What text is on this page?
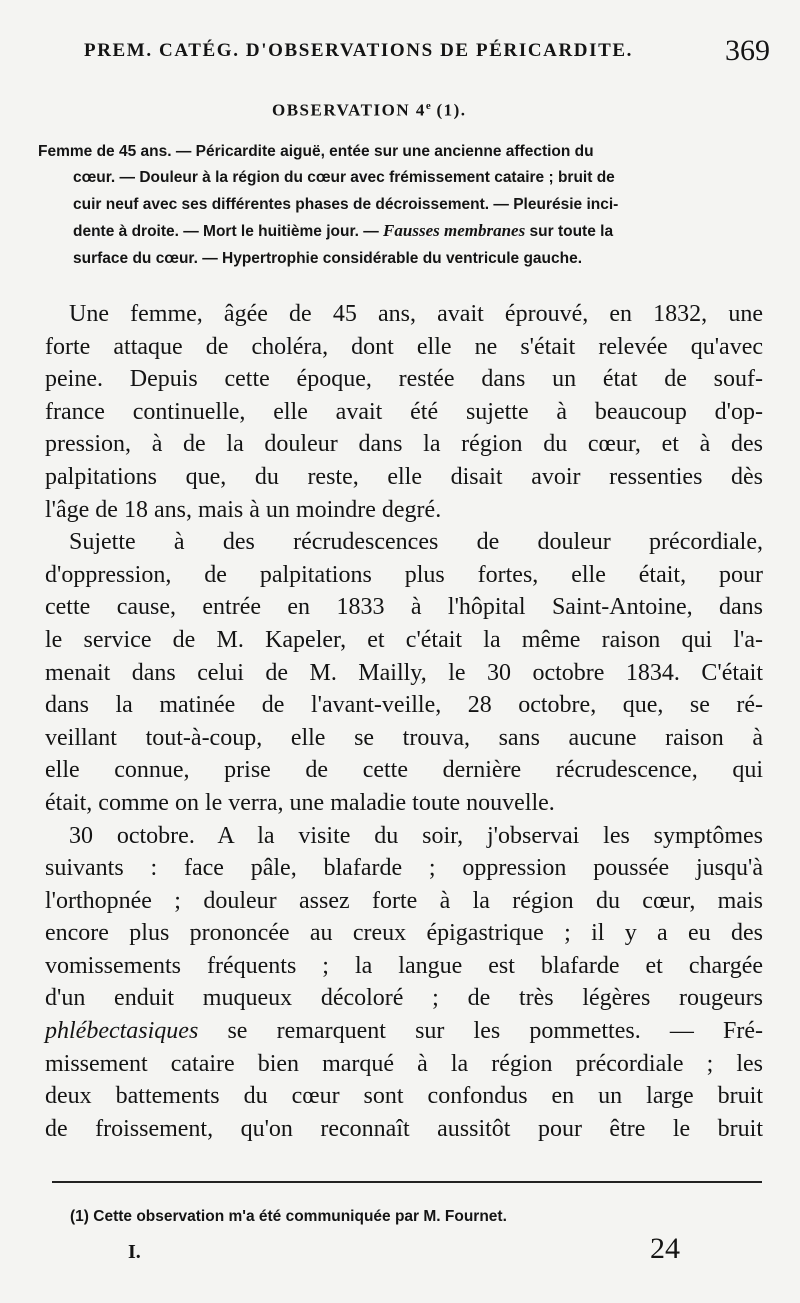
PREM. CATÉG. D'OBSERVATIONS DE PÉRICARDITE.	369
OBSERVATION 4e (1).
Femme de 45 ans. — Péricardite aiguë, entée sur une ancienne affection du
cœur. — Douleur à la région du cœur avec frémissement cataire ; bruit de
cuir neuf avec ses différentes phases de décroissement. — Pleurésie inci-
dente à droite. — Mort le huitième jour. — Fausses membranes sur toute la
surface du cœur. — Hypertrophie considérable du ventricule gauche.

Une femme, âgée de 45 ans, avait éprouvé, en 1832, une
forte attaque de choléra, dont elle ne s'était relevée qu'avec
peine. Depuis cette époque, restée dans un état de souf-
france continuelle, elle avait été sujette à beaucoup d'op-
pression, à de la douleur dans la région du cœur, et à des
palpitations que, du reste, elle disait avoir ressenties dès
l'âge de 18 ans, mais à un moindre degré.

Sujette à des récrudescences de douleur précordiale,
d'oppression, de palpitations plus fortes, elle était, pour
cette cause, entrée en 1833 à l'hôpital Saint-Antoine, dans
le service de M. Kapeler, et c'était la même raison qui l'a-
menait dans celui de M. Mailly, le 30 octobre 1834. C'était
dans la matinée de l'avant-veille, 28 octobre, que, se ré-
veillant tout-à-coup, elle se trouva, sans aucune raison à
elle connue, prise de cette dernière récrudescence, qui
était, comme on le verra, une maladie toute nouvelle.

30 octobre. A la visite du soir, j'observai les symptômes
suivants : face pâle, blafarde ; oppression poussée jusqu'à
l'orthopnée ; douleur assez forte à la région du cœur, mais
encore plus prononcée au creux épigastrique ; il y a eu des
vomissements fréquents ; la langue est blafarde et chargée
d'un enduit muqueux décoloré ; de très légères rougeurs
phlébectasiques se remarquent sur les pommettes. — Fré-
missement cataire bien marqué à la région précordiale ; les
deux battements du cœur sont confondus en un large bruit
de froissement, qu'on reconnaît aussitôt pour être le bruit

(1) Cette observation m'a été communiquée par M. Fournet.
I.	24
